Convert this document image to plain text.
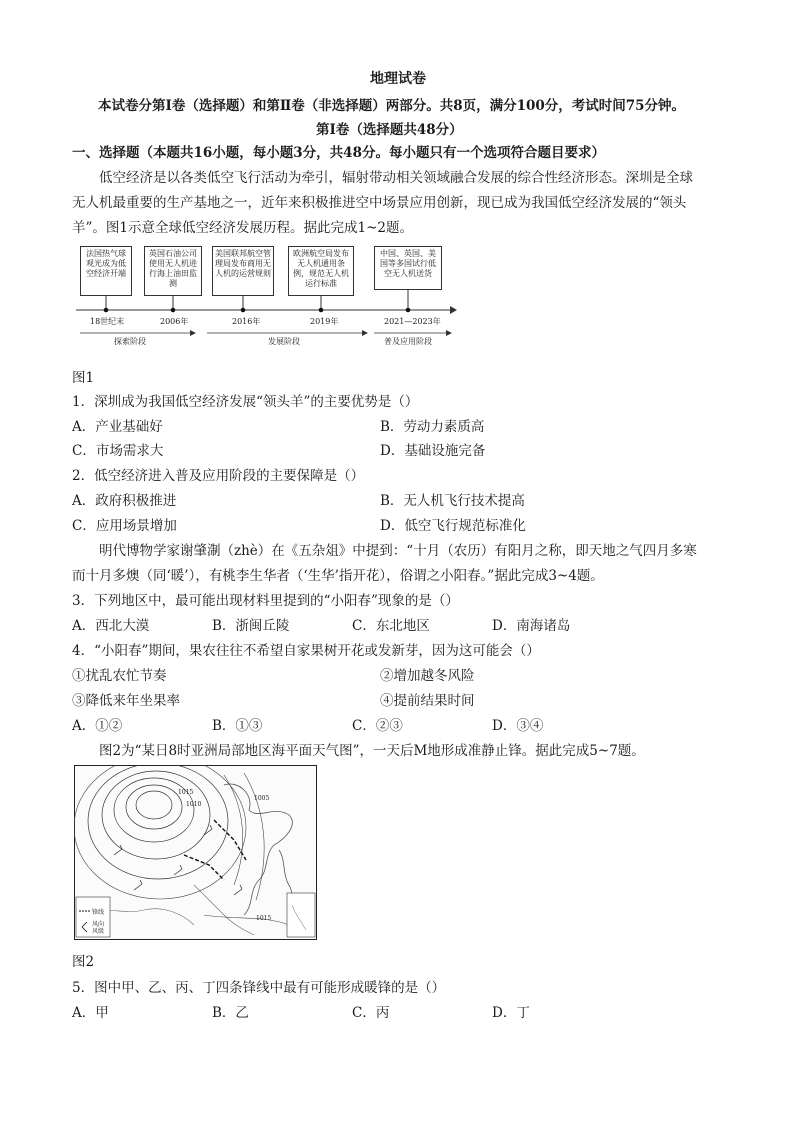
地理试卷
本试卷分第Ⅰ卷（选择题）和第Ⅱ卷（非选择题）两部分。共8页，满分100分，考试时间75分钟。
第Ⅰ卷（选择题共48分）
一、选择题（本题共16小题，每小题3分，共48分。每小题只有一个选项符合题目要求）
低空经济是以各类低空飞行活动为牵引，辐射带动相关领域融合发展的综合性经济形态。深圳是全球
无人机最重要的生产基地之一，近年来积极推进空中场景应用创新，现已成为我国低空经济发展的“领头
羊”。图1示意全球低空经济发展历程。据此完成1~2题。
法国热气球观光成为低空经济开端
英国石油公司使用无人机进行海上油田监测
美国联邦航空管理局发布商用无人机的运营规则
欧洲航空局发布无人机通用条例，规范无人机运行标准
中国、英国、美国等多国试行低空无人机送货
18世纪末	2006年	2016年	2019年	2021—2023年
探索阶段	发展阶段	普及应用阶段
图1
1．深圳成为我国低空经济发展“领头羊”的主要优势是（）
A．产业基础好	B．劳动力素质高
C．市场需求大	D．基础设施完备
2．低空经济进入普及应用阶段的主要保障是（）
A．政府积极推进	B．无人机飞行技术提高
C．应用场景增加	D．低空飞行规范标准化
明代博物学家谢肇淛（zhè）在《五杂俎》中提到：“十月（农历）有阳月之称，即天地之气四月多寒
而十月多燠（同‘暖’），有桃李生华者（‘生华’指开花），俗谓之小阳春。”据此完成3~4题。
3．下列地区中，最可能出现材料里提到的“小阳春”现象的是（）
A．西北大漠	B．浙闽丘陵	C．东北地区	D．南海诸岛
4．“小阳春”期间，果农往往不希望自家果树开花或发新芽，因为这可能会（）
①扰乱农忙节奏	②增加越冬风险
③降低来年坐果率	④提前结果时间
A．①②	B．①③	C．②③	D．③④
图2为“某日8时亚洲局部地区海平面天气图”，一天后M地形成准静止锋。据此完成5~7题。
1015
1010
1005
1015
锋线
风向
风级
图2
5．图中甲、乙、丙、丁四条锋线中最有可能形成暖锋的是（）
A．甲	B．乙	C．丙	D．丁
